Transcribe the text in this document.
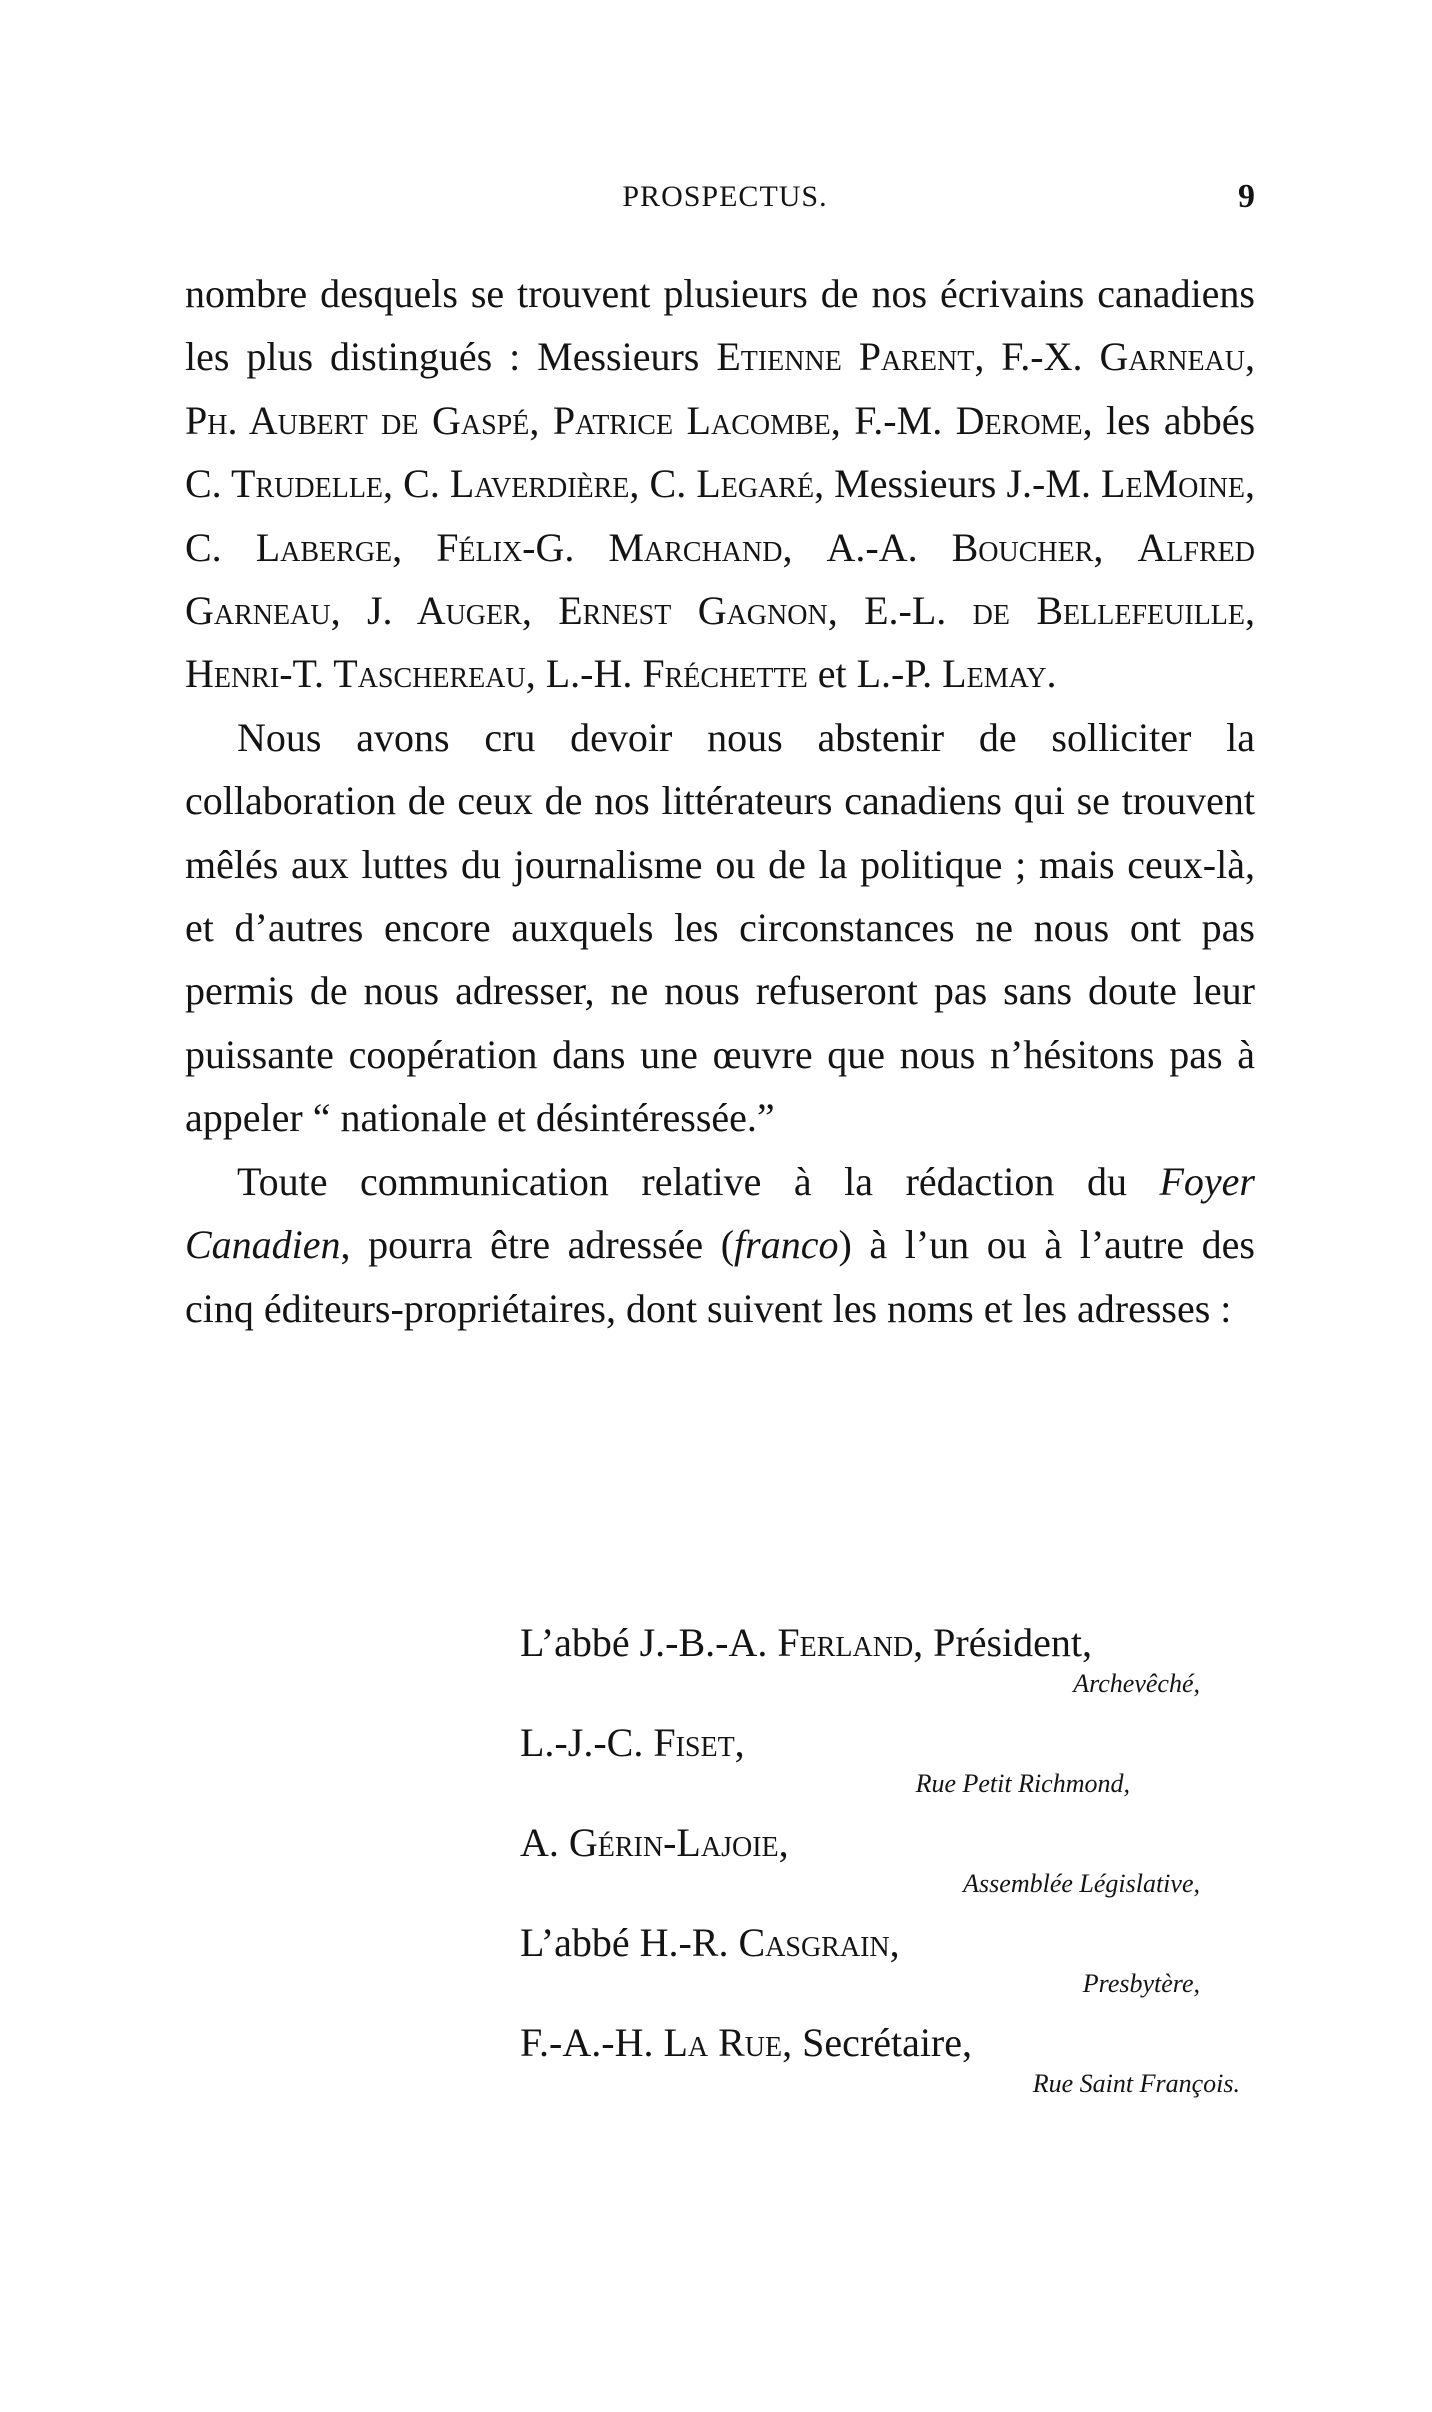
PROSPECTUS.	9

nombre desquels se trouvent plusieurs de nos écrivains canadiens les plus distingués : Messieurs Etienne Parent, F.-X. Garneau, Ph. Aubert de Gaspé, Patrice Lacombe, F.-M. Derome, les abbés C. Trudelle, C. Laverdière, C. Legaré, Messieurs J.-M. LeMoine, C. Laberge, Félix-G. Marchand, A.-A. Boucher, Alfred Garneau, J. Auger, Ernest Gagnon, E.-L. de Bellefeuille, Henri-T. Taschereau, L.-H. Fréchette et L.-P. Lemay.

Nous avons cru devoir nous abstenir de solliciter la collaboration de ceux de nos littérateurs canadiens qui se trouvent mêlés aux luttes du journalisme ou de la politique ; mais ceux-là, et d’autres encore auxquels les circonstances ne nous ont pas permis de nous adresser, ne nous refuseront pas sans doute leur puissante coopération dans une œuvre que nous n’hésitons pas à appeler “ nationale et désintéressée.”

Toute communication relative à la rédaction du Foyer Canadien, pourra être adressée (franco) à l’un ou à l’autre des cinq éditeurs-propriétaires, dont suivent les noms et les adresses :

L’abbé J.-B.-A. Ferland, Président,
Archevêché,
L.-J.-C. Fiset,
Rue Petit Richmond,
A. Gérin-Lajoie,
Assemblée Législative,
L’abbé H.-R. Casgrain,
Presbytère,
F.-A.-H. La Rue, Secrétaire,
Rue Saint François.
